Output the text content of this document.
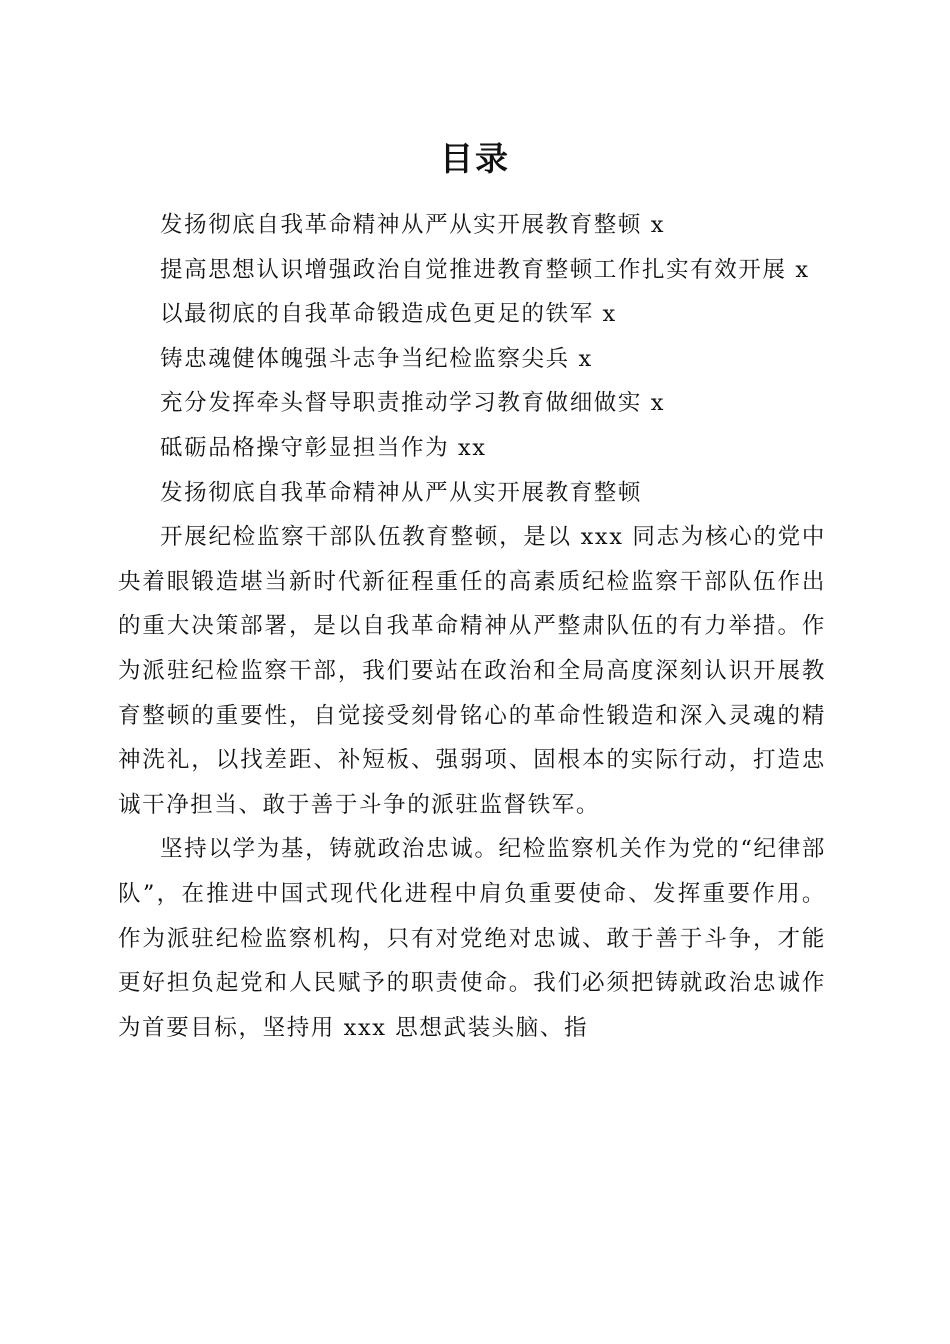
目录

发扬彻底自我革命精神从严从实开展教育整顿 x

提高思想认识增强政治自觉推进教育整顿工作扎实有效开展 x

以最彻底的自我革命锻造成色更足的铁军 x

铸忠魂健体魄强斗志争当纪检监察尖兵 x

充分发挥牵头督导职责推动学习教育做细做实 x

砥砺品格操守彰显担当作为 xx

发扬彻底自我革命精神从严从实开展教育整顿

开展纪检监察干部队伍教育整顿，是以 xxx 同志为核心的党中央着眼锻造堪当新时代新征程重任的高素质纪检监察干部队伍作出的重大决策部署，是以自我革命精神从严整肃队伍的有力举措。作为派驻纪检监察干部，我们要站在政治和全局高度深刻认识开展教育整顿的重要性，自觉接受刻骨铭心的革命性锻造和深入灵魂的精神洗礼，以找差距、补短板、强弱项、固根本的实际行动，打造忠诚干净担当、敢于善于斗争的派驻监督铁军。

坚持以学为基，铸就政治忠诚。纪检监察机关作为党的“纪律部队”，在推进中国式现代化进程中肩负重要使命、发挥重要作用。作为派驻纪检监察机构，只有对党绝对忠诚、敢于善于斗争，才能更好担负起党和人民赋予的职责使命。我们必须把铸就政治忠诚作为首要目标，坚持用 xxx 思想武装头脑、指
